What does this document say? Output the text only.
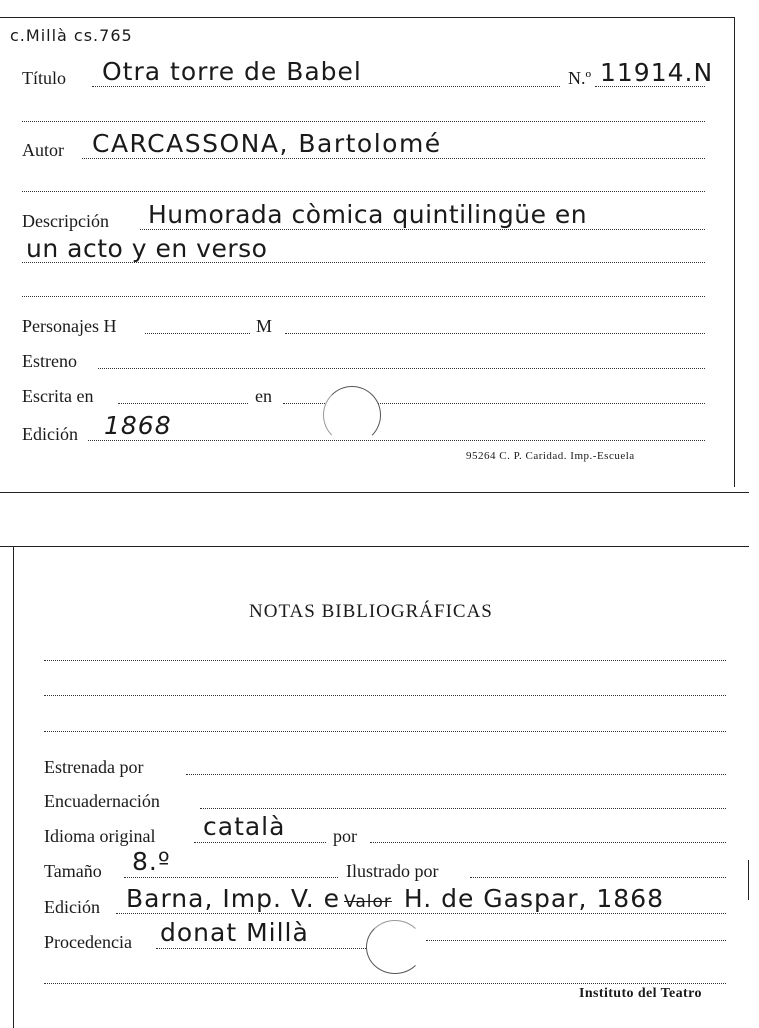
c.Millà cs.765
Título Otra torre de Babel	N.º 11914.N
Autor CARCASSONA, Bartolomé
Descripción Humorada còmica quintilingüe en
un acto y en verso
Personajes H	M
Estreno
Escrita en	en
Edición 1868
95264 C. P. Caridad. Imp.-Escuela
NOTAS BIBLIOGRÁFICAS
Estrenada por
Encuadernación
Idioma original català	por
Tamaño 8.º	Ilustrado por
Edición Barna, Imp. V. e Valor H. de Gaspar, 1868
Procedencia donat Millà
Instituto del Teatro
